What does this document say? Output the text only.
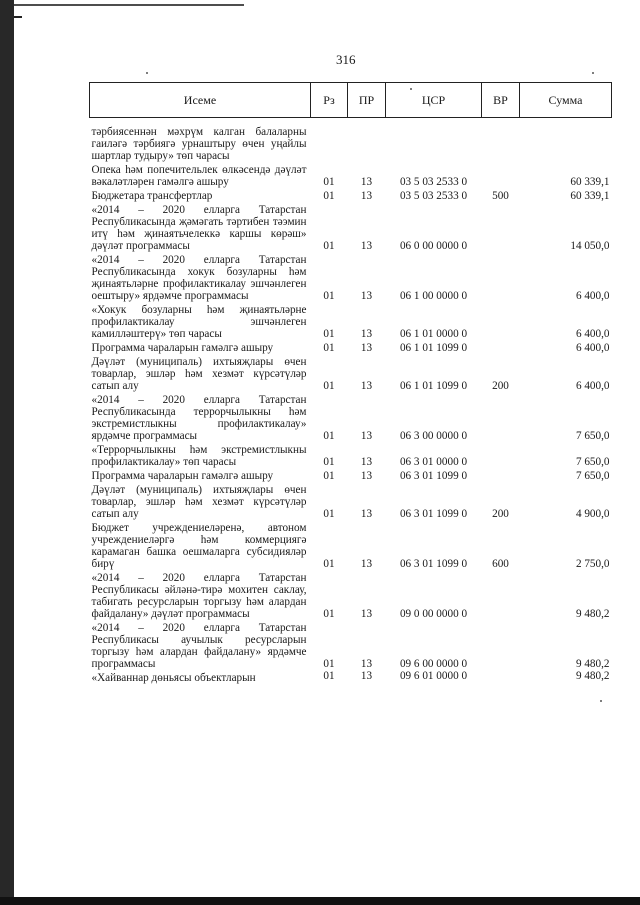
316
Исеме	Рз	ПР	ЦСР	ВР	Сумма
тәрбиясеннән мәхрүм калган балаларны гаиләгә тәрбиягә урнаштыру өчен уңайлы шартлар тудыру» төп чарасы					
Опека һәм попечительлек өлкәсендә дәүләт вәкаләтләрен гамәлгә ашыру	01	13	03 5 03 2533 0		60 339,1
Бюджетара трансфертлар	01	13	03 5 03 2533 0	500	60 339,1
«2014 – 2020 елларга Татарстан Республикасында җәмәгать тәртибен тәэмин итү һәм җинаятьчелеккә каршы көрәш» дәүләт программасы	01	13	06 0 00 0000 0		14 050,0
«2014 – 2020 елларга Татарстан Республикасында хокук бозуларны һәм җинаятьләрне профилактикалау эшчәнлеген оештыру» ярдәмче программасы	01	13	06 1 00 0000 0		6 400,0
«Хокук бозуларны һәм җинаятьләрне профилактикалау эшчәнлеген камилләштерү» төп чарасы	01	13	06 1 01 0000 0		6 400,0
Программа чараларын гамәлгә ашыру	01	13	06 1 01 1099 0		6 400,0
Дәүләт (муниципаль) ихтыяҗлары өчен товарлар, эшләр һәм хезмәт күрсәтүләр сатып алу	01	13	06 1 01 1099 0	200	6 400,0
«2014 – 2020 елларга Татарстан Республикасында террорчылыкны һәм экстремистлыкны профилактикалау» ярдәмче программасы	01	13	06 3 00 0000 0		7 650,0
«Террорчылыкны һәм экстремистлыкны профилактикалау» төп чарасы	01	13	06 3 01 0000 0		7 650,0
Программа чараларын гамәлгә ашыру	01	13	06 3 01 1099 0		7 650,0
Дәүләт (муниципаль) ихтыяҗлары өчен товарлар, эшләр һәм хезмәт күрсәтүләр сатып алу	01	13	06 3 01 1099 0	200	4 900,0
Бюджет учреждениеләренә, автоном учреждениеләргә һәм коммерциягә карамаган башка оешмаларга субсидияләр бирү	01	13	06 3 01 1099 0	600	2 750,0
«2014 – 2020 елларга Татарстан Республикасы әйләнә-тирә мохитен саклау, табигать ресурсларын торгызу һәм алардан файдалану» дәүләт программасы	01	13	09 0 00 0000 0		9 480,2
«2014 – 2020 елларга Татарстан Республикасы аучылык ресурсларын торгызу һәм алардан файдалану» ярдәмче программасы	01	13	09 6 00 0000 0		9 480,2
«Хайваннар дөньясы объектларын	01	13	09 6 01 0000 0		9 480,2
